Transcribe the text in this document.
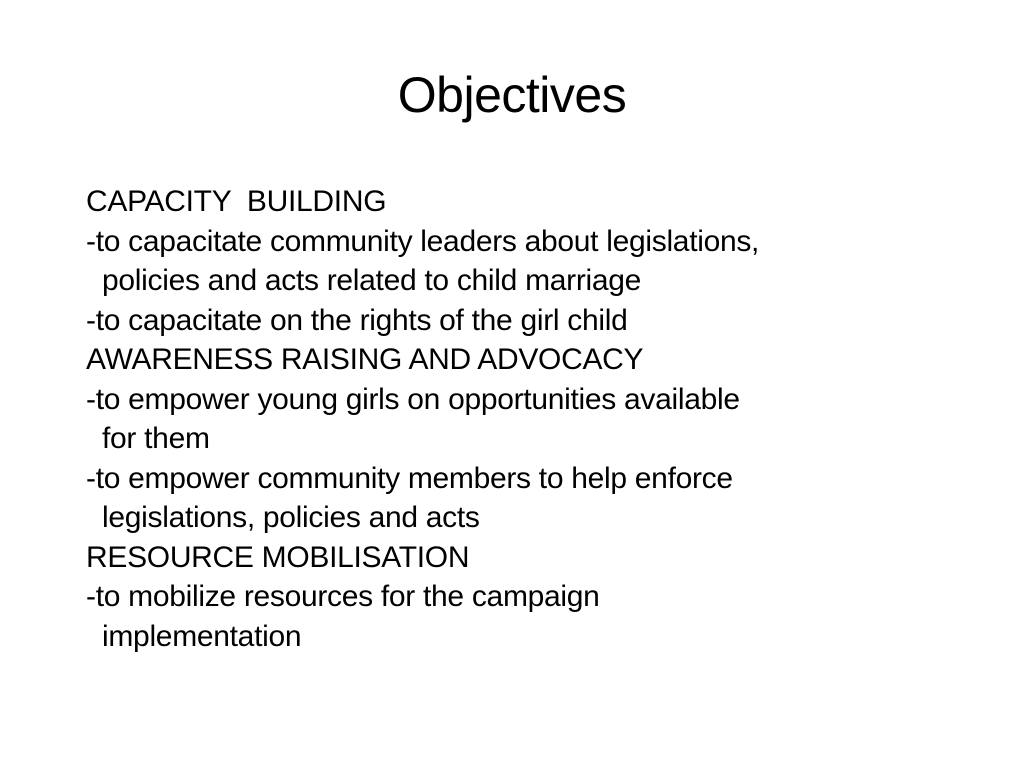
Objectives
CAPACITY  BUILDING
-to capacitate community leaders about legislations,
policies and acts related to child marriage
-to capacitate on the rights of the girl child
AWARENESS RAISING AND ADVOCACY
-to empower young girls on opportunities available
for them
-to empower community members to help enforce
legislations, policies and acts
RESOURCE MOBILISATION
-to mobilize resources for the campaign
implementation
